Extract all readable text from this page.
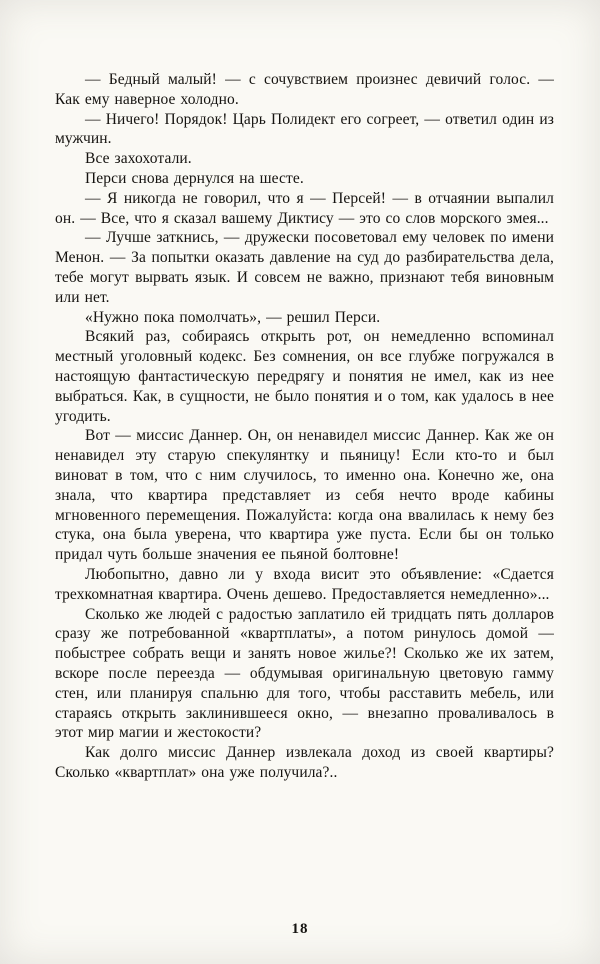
— Бедный малый! — с сочувствием произнес девичий голос. — Как ему наверное холодно.

— Ничего! Порядок! Царь Полидект его согреет, — ответил один из мужчин.

Все захохотали.

Перси снова дернулся на шесте.

— Я никогда не говорил, что я — Персей! — в отчаянии выпалил он. — Все, что я сказал вашему Диктису — это со слов морского змея...

— Лучше заткнись, — дружески посоветовал ему человек по имени Менон. — За попытки оказать давление на суд до разбирательства дела, тебе могут вырвать язык. И совсем не важно, признают тебя виновным или нет.

«Нужно пока помолчать», — решил Перси.

Всякий раз, собираясь открыть рот, он немедленно вспоминал местный уголовный кодекс. Без сомнения, он все глубже погружался в настоящую фантастическую передрягу и понятия не имел, как из нее выбраться. Как, в сущности, не было понятия и о том, как удалось в нее угодить.

Вот — миссис Даннер. Он, он ненавидел миссис Даннер. Как же он ненавидел эту старую спекулянтку и пьяницу! Если кто-то и был виноват в том, что с ним случилось, то именно она. Конечно же, она знала, что квартира представляет из себя нечто вроде кабины мгновенного перемещения. Пожалуйста: когда она ввалилась к нему без стука, она была уверена, что квартира уже пуста. Если бы он только придал чуть больше значения ее пьяной болтовне!

Любопытно, давно ли у входа висит это объявление: «Сдается трехкомнатная квартира. Очень дешево. Предоставляется немедленно»...

Сколько же людей с радостью заплатило ей тридцать пять долларов сразу же потребованной «квартплаты», а потом ринулось домой — побыстрее собрать вещи и занять новое жилье?! Сколько же их затем, вскоре после переезда — обдумывая оригинальную цветовую гамму стен, или планируя спальню для того, чтобы расставить мебель, или стараясь открыть заклинившееся окно, — внезапно проваливалось в этот мир магии и жестокости?

Как долго миссис Даннер извлекала доход из своей квартиры? Сколько «квартплат» она уже получила?..

18
